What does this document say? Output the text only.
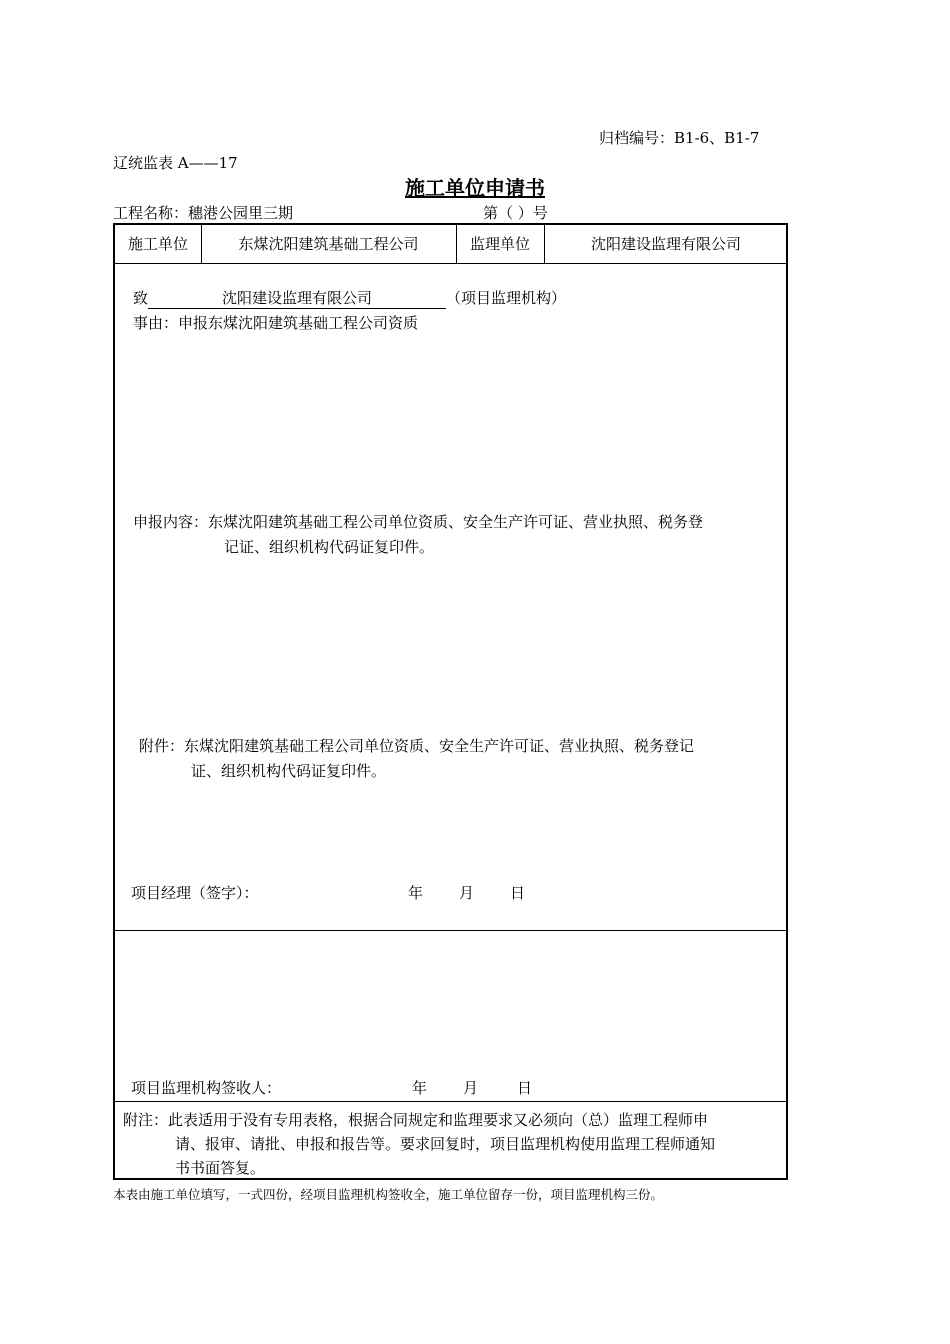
归档编号：B1-6、B1-7
辽统监表 A——17
施工单位申请书
工程名称：穗港公园里三期	第（ ）号
施工单位	东煤沈阳建筑基础工程公司	监理单位	沈阳建设监理有限公司
致	沈阳建设监理有限公司	（项目监理机构）
事由：申报东煤沈阳建筑基础工程公司资质
申报内容：东煤沈阳建筑基础工程公司单位资质、安全生产许可证、营业执照、税务登
记证、组织机构代码证复印件。
附件：东煤沈阳建筑基础工程公司单位资质、安全生产许可证、营业执照、税务登记
证、组织机构代码证复印件。
项目经理（签字）：	年 月 日
项目监理机构签收人：	年 月	日
附注：此表适用于没有专用表格，根据合同规定和监理要求又必须向（总）监理工程师申
请、报审、请批、申报和报告等。要求回复时，项目监理机构使用监理工程师通知
书书面答复。
本表由施工单位填写，一式四份，经项目监理机构签收全，施工单位留存一份，项目监理机构三份。
